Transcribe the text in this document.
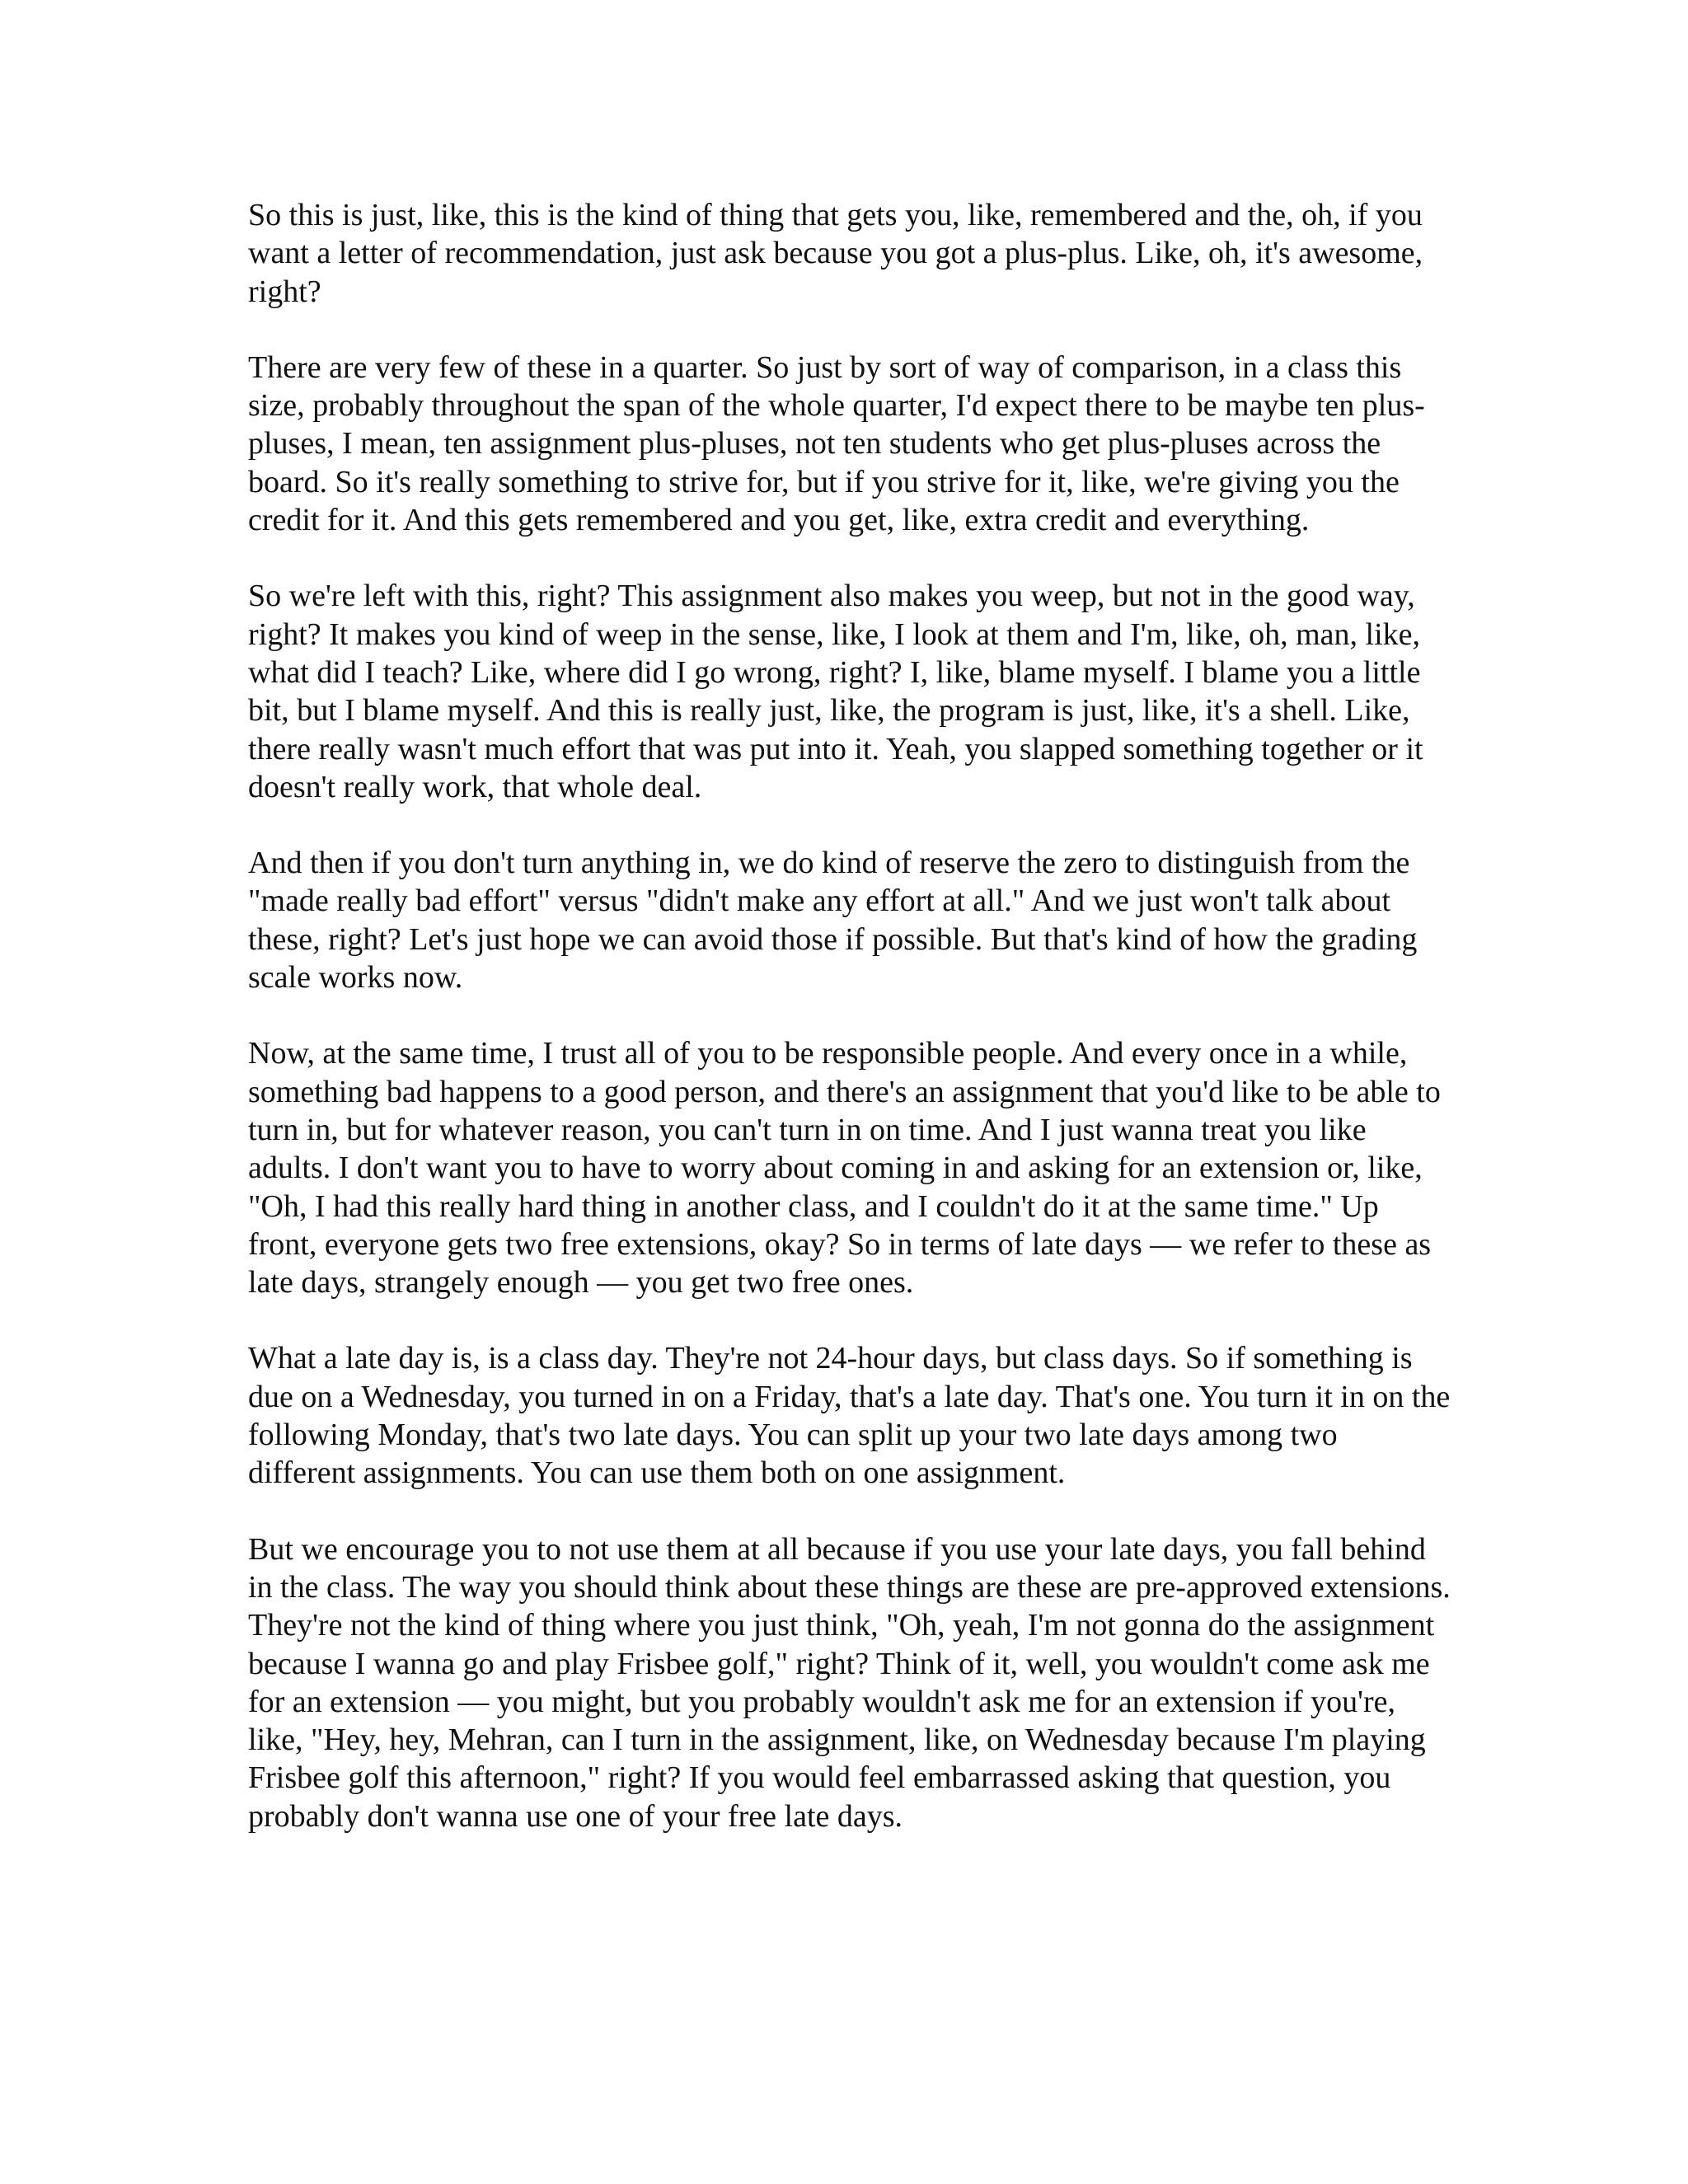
So this is just, like, this is the kind of thing that gets you, like, remembered and the, oh, if you want a letter of recommendation, just ask because you got a plus-plus. Like, oh, it's awesome, right?

There are very few of these in a quarter. So just by sort of way of comparison, in a class this size, probably throughout the span of the whole quarter, I'd expect there to be maybe ten plus-pluses, I mean, ten assignment plus-pluses, not ten students who get plus-pluses across the board. So it's really something to strive for, but if you strive for it, like, we're giving you the credit for it. And this gets remembered and you get, like, extra credit and everything.

So we're left with this, right? This assignment also makes you weep, but not in the good way, right? It makes you kind of weep in the sense, like, I look at them and I'm, like, oh, man, like, what did I teach? Like, where did I go wrong, right? I, like, blame myself. I blame you a little bit, but I blame myself. And this is really just, like, the program is just, like, it's a shell. Like, there really wasn't much effort that was put into it. Yeah, you slapped something together or it doesn't really work, that whole deal.

And then if you don't turn anything in, we do kind of reserve the zero to distinguish from the "made really bad effort" versus "didn't make any effort at all." And we just won't talk about these, right? Let's just hope we can avoid those if possible. But that's kind of how the grading scale works now.

Now, at the same time, I trust all of you to be responsible people. And every once in a while, something bad happens to a good person, and there's an assignment that you'd like to be able to turn in, but for whatever reason, you can't turn in on time. And I just wanna treat you like adults. I don't want you to have to worry about coming in and asking for an extension or, like, "Oh, I had this really hard thing in another class, and I couldn't do it at the same time." Up front, everyone gets two free extensions, okay? So in terms of late days — we refer to these as late days, strangely enough — you get two free ones.

What a late day is, is a class day. They're not 24-hour days, but class days. So if something is due on a Wednesday, you turned in on a Friday, that's a late day. That's one. You turn it in on the following Monday, that's two late days. You can split up your two late days among two different assignments. You can use them both on one assignment.

But we encourage you to not use them at all because if you use your late days, you fall behind in the class. The way you should think about these things are these are pre-approved extensions. They're not the kind of thing where you just think, "Oh, yeah, I'm not gonna do the assignment because I wanna go and play Frisbee golf," right? Think of it, well, you wouldn't come ask me for an extension — you might, but you probably wouldn't ask me for an extension if you're, like, "Hey, hey, Mehran, can I turn in the assignment, like, on Wednesday because I'm playing Frisbee golf this afternoon," right? If you would feel embarrassed asking that question, you probably don't wanna use one of your free late days.
